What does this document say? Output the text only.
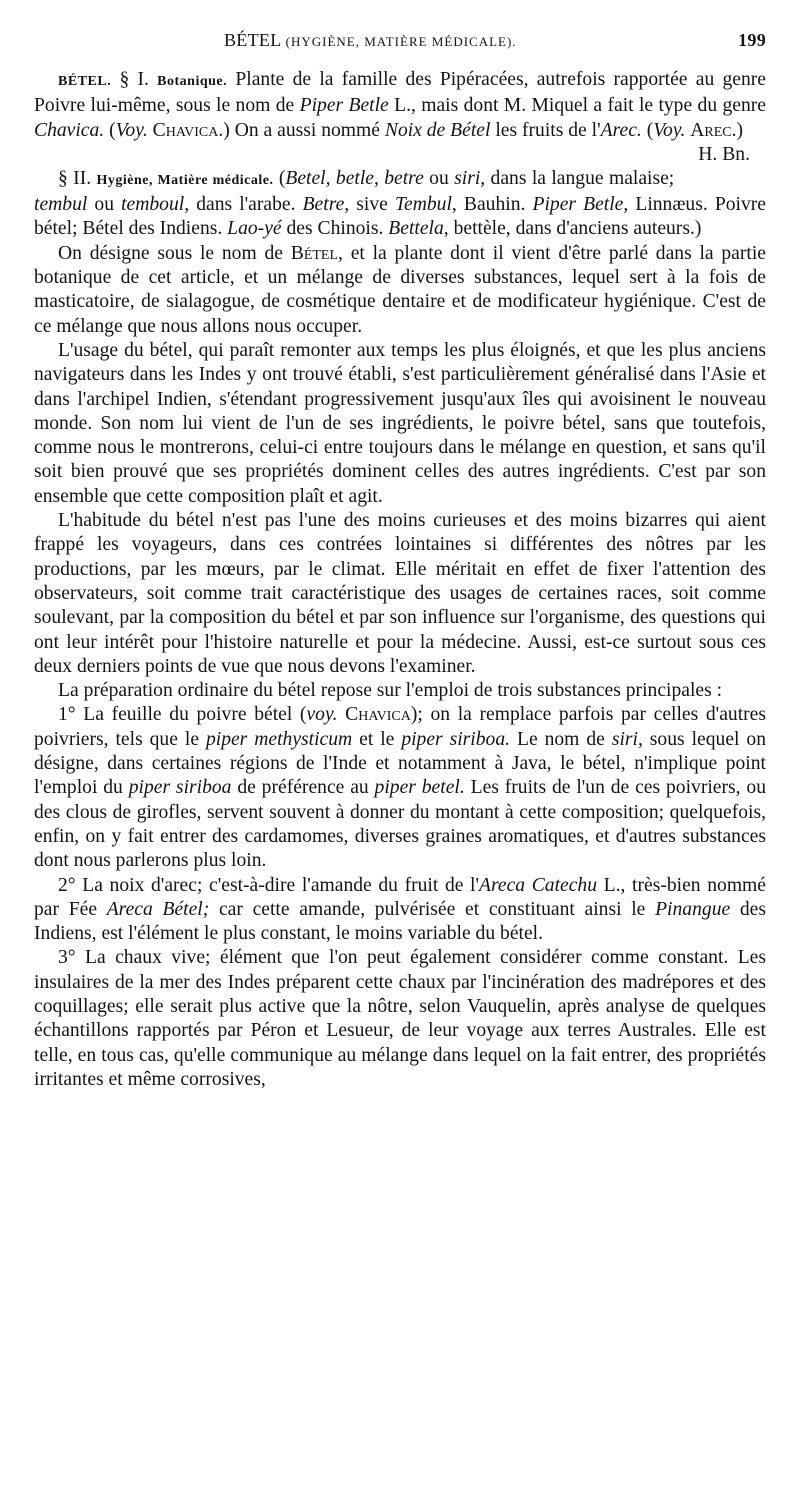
BÉTEL (HYGIÈNE, MATIÈRE MÉDICALE).	199

BÉTEL. § I. Botanique. Plante de la famille des Pipéracées, autrefois rapportée au genre Poivre lui-même, sous le nom de Piper Betle L., mais dont M. Miquel a fait le type du genre Chavica. (Voy. Chavica.) On a aussi nommé Noix de Bétel les fruits de l'Arec. (Voy. Arec.)
H. Bn.

§ II. Hygiène, Matière médicale. (Betel, betle, betre ou siri, dans la langue malaise; tembul ou temboul, dans l'arabe. Betre, sive Tembul, Bauhin. Piper Betle, Linnæus. Poivre bétel; Bétel des Indiens. Lao-yé des Chinois. Bettela, bettèle, dans d'anciens auteurs.)

On désigne sous le nom de Bétel, et la plante dont il vient d'être parlé dans la partie botanique de cet article, et un mélange de diverses substances, lequel sert à la fois de masticatoire, de sialagogue, de cosmétique dentaire et de modificateur hygiénique. C'est de ce mélange que nous allons nous occuper.

L'usage du bétel, qui paraît remonter aux temps les plus éloignés, et que les plus anciens navigateurs dans les Indes y ont trouvé établi, s'est particulièrement généralisé dans l'Asie et dans l'archipel Indien, s'étendant progressivement jusqu'aux îles qui avoisinent le nouveau monde. Son nom lui vient de l'un de ses ingrédients, le poivre bétel, sans que toutefois, comme nous le montrerons, celui-ci entre toujours dans le mélange en question, et sans qu'il soit bien prouvé que ses propriétés dominent celles des autres ingrédients. C'est par son ensemble que cette composition plaît et agit.

L'habitude du bétel n'est pas l'une des moins curieuses et des moins bizarres qui aient frappé les voyageurs, dans ces contrées lointaines si différentes des nôtres par les productions, par les mœurs, par le climat. Elle méritait en effet de fixer l'attention des observateurs, soit comme trait caractéristique des usages de certaines races, soit comme soulevant, par la composition du bétel et par son influence sur l'organisme, des questions qui ont leur intérêt pour l'histoire naturelle et pour la médecine. Aussi, est-ce surtout sous ces deux derniers points de vue que nous devons l'examiner.

La préparation ordinaire du bétel repose sur l'emploi de trois substances principales :

1° La feuille du poivre bétel (voy. Chavica); on la remplace parfois par celles d'autres poivriers, tels que le piper methysticum et le piper siriboa. Le nom de siri, sous lequel on désigne, dans certaines régions de l'Inde et notamment à Java, le bétel, n'implique point l'emploi du piper siriboa de préférence au piper betel. Les fruits de l'un de ces poivriers, ou des clous de girofles, servent souvent à donner du montant à cette composition; quelquefois, enfin, on y fait entrer des cardamomes, diverses graines aromatiques, et d'autres substances dont nous parlerons plus loin.

2° La noix d'arec; c'est-à-dire l'amande du fruit de l'Areca Catechu L., très-bien nommé par Fée Areca Bétel; car cette amande, pulvérisée et constituant ainsi le Pinangue des Indiens, est l'élément le plus constant, le moins variable du bétel.

3° La chaux vive; élément que l'on peut également considérer comme constant. Les insulaires de la mer des Indes préparent cette chaux par l'incinération des madrépores et des coquillages; elle serait plus active que la nôtre, selon Vauquelin, après analyse de quelques échantillons rapportés par Péron et Lesueur, de leur voyage aux terres Australes. Elle est telle, en tous cas, qu'elle communique au mélange dans lequel on la fait entrer, des propriétés irritantes et même corrosives,
